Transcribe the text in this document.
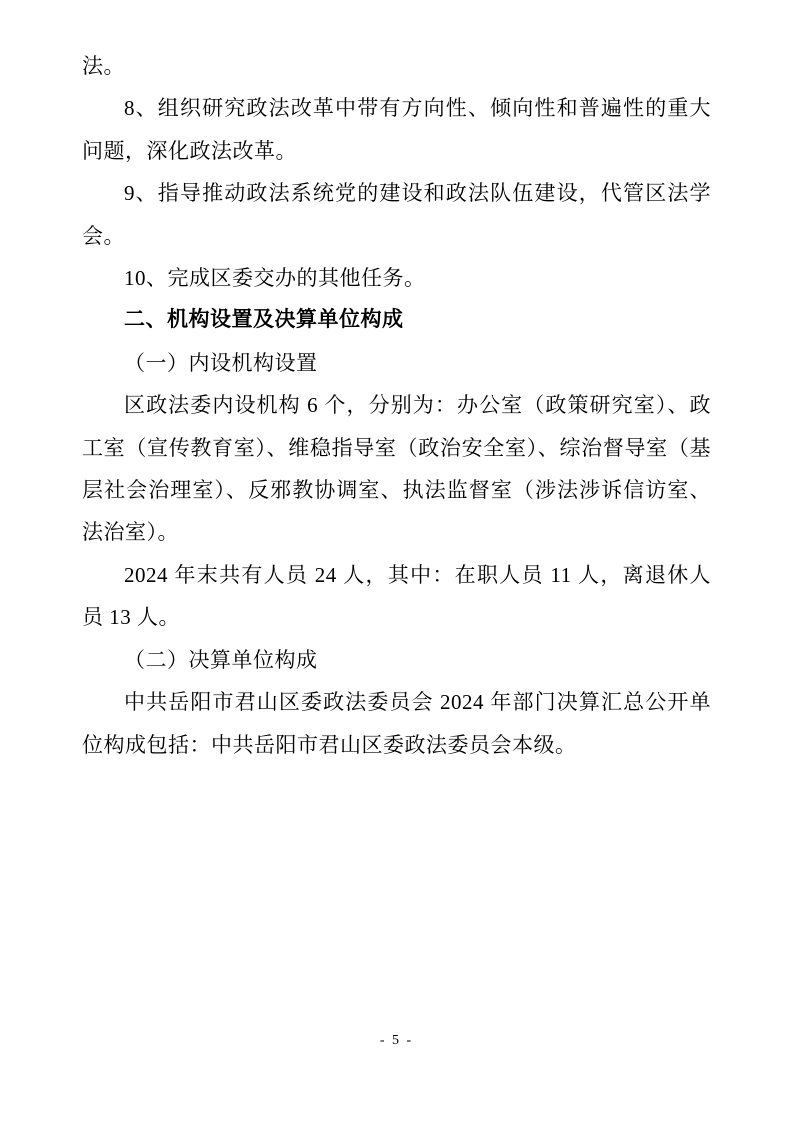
法。

8、组织研究政法改革中带有方向性、倾向性和普遍性的重大问题，深化政法改革。

9、指导推动政法系统党的建设和政法队伍建设，代管区法学会。

10、完成区委交办的其他任务。

二、机构设置及决算单位构成

（一）内设机构设置

区政法委内设机构 6 个，分别为：办公室（政策研究室）、政工室（宣传教育室）、维稳指导室（政治安全室）、综治督导室（基层社会治理室）、反邪教协调室、执法监督室（涉法涉诉信访室、法治室）。

2024 年末共有人员 24 人，其中：在职人员 11 人，离退休人员 13 人。

（二）决算单位构成

中共岳阳市君山区委政法委员会 2024 年部门决算汇总公开单位构成包括：中共岳阳市君山区委政法委员会本级。

- 5 -
